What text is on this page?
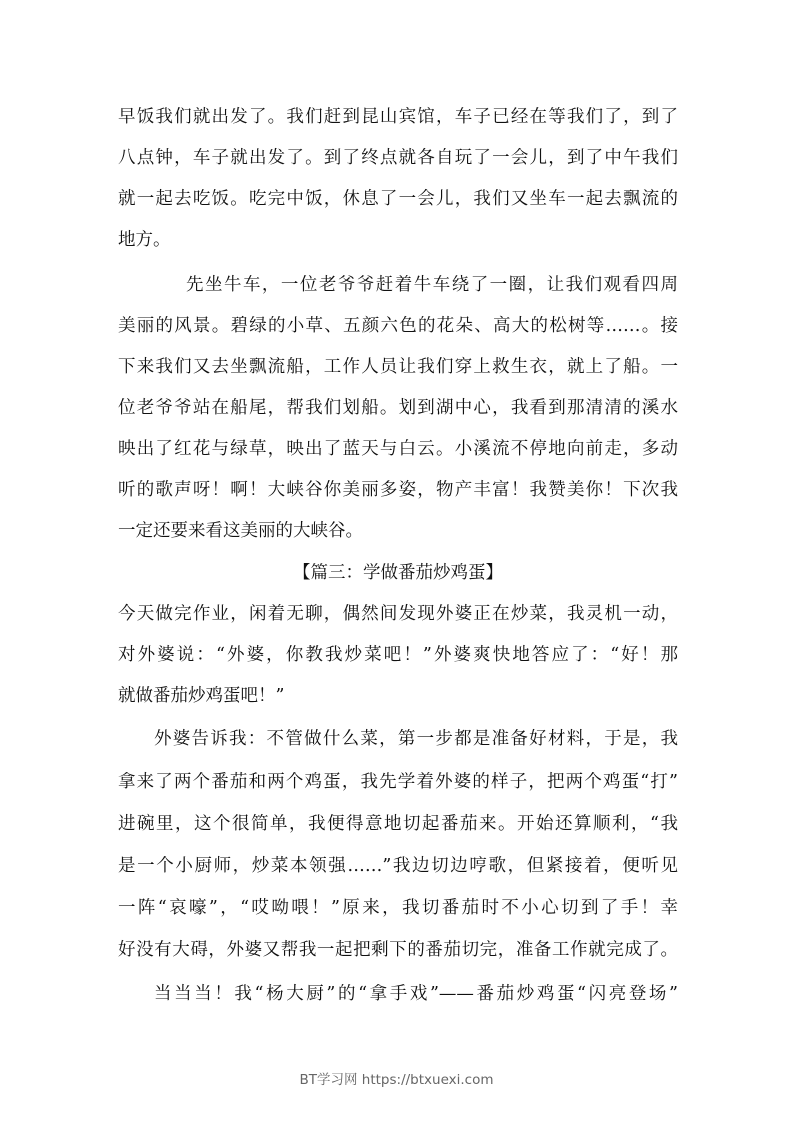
早饭我们就出发了。我们赶到昆山宾馆，车子已经在等我们了，到了
八点钟，车子就出发了。到了终点就各自玩了一会儿，到了中午我们
就一起去吃饭。吃完中饭，休息了一会儿，我们又坐车一起去飘流的
地方。
先坐牛车，一位老爷爷赶着牛车绕了一圈，让我们观看四周
美丽的风景。碧绿的小草、五颜六色的花朵、高大的松树等……。接
下来我们又去坐飘流船，工作人员让我们穿上救生衣，就上了船。一
位老爷爷站在船尾，帮我们划船。划到湖中心，我看到那清清的溪水
映出了红花与绿草，映出了蓝天与白云。小溪流不停地向前走，多动
听的歌声呀！啊！大峡谷你美丽多姿，物产丰富！我赞美你！下次我
一定还要来看这美丽的大峡谷。
【篇三：学做番茄炒鸡蛋】
今天做完作业，闲着无聊，偶然间发现外婆正在炒菜，我灵机一动，
对外婆说：“外婆，你教我炒菜吧！”外婆爽快地答应了：“好！那
就做番茄炒鸡蛋吧！”
外婆告诉我：不管做什么菜，第一步都是准备好材料，于是，我
拿来了两个番茄和两个鸡蛋，我先学着外婆的样子，把两个鸡蛋“打”
进碗里，这个很简单，我便得意地切起番茄来。开始还算顺利，“我
是一个小厨师，炒菜本领强……”我边切边哼歌，但紧接着，便听见
一阵“哀嚎”，“哎呦喂！”原来，我切番茄时不小心切到了手！幸
好没有大碍，外婆又帮我一起把剩下的番茄切完，准备工作就完成了。
当当当！我“杨大厨”的“拿手戏”——番茄炒鸡蛋“闪亮登场”
BT学习网 https://btxuexi.com
